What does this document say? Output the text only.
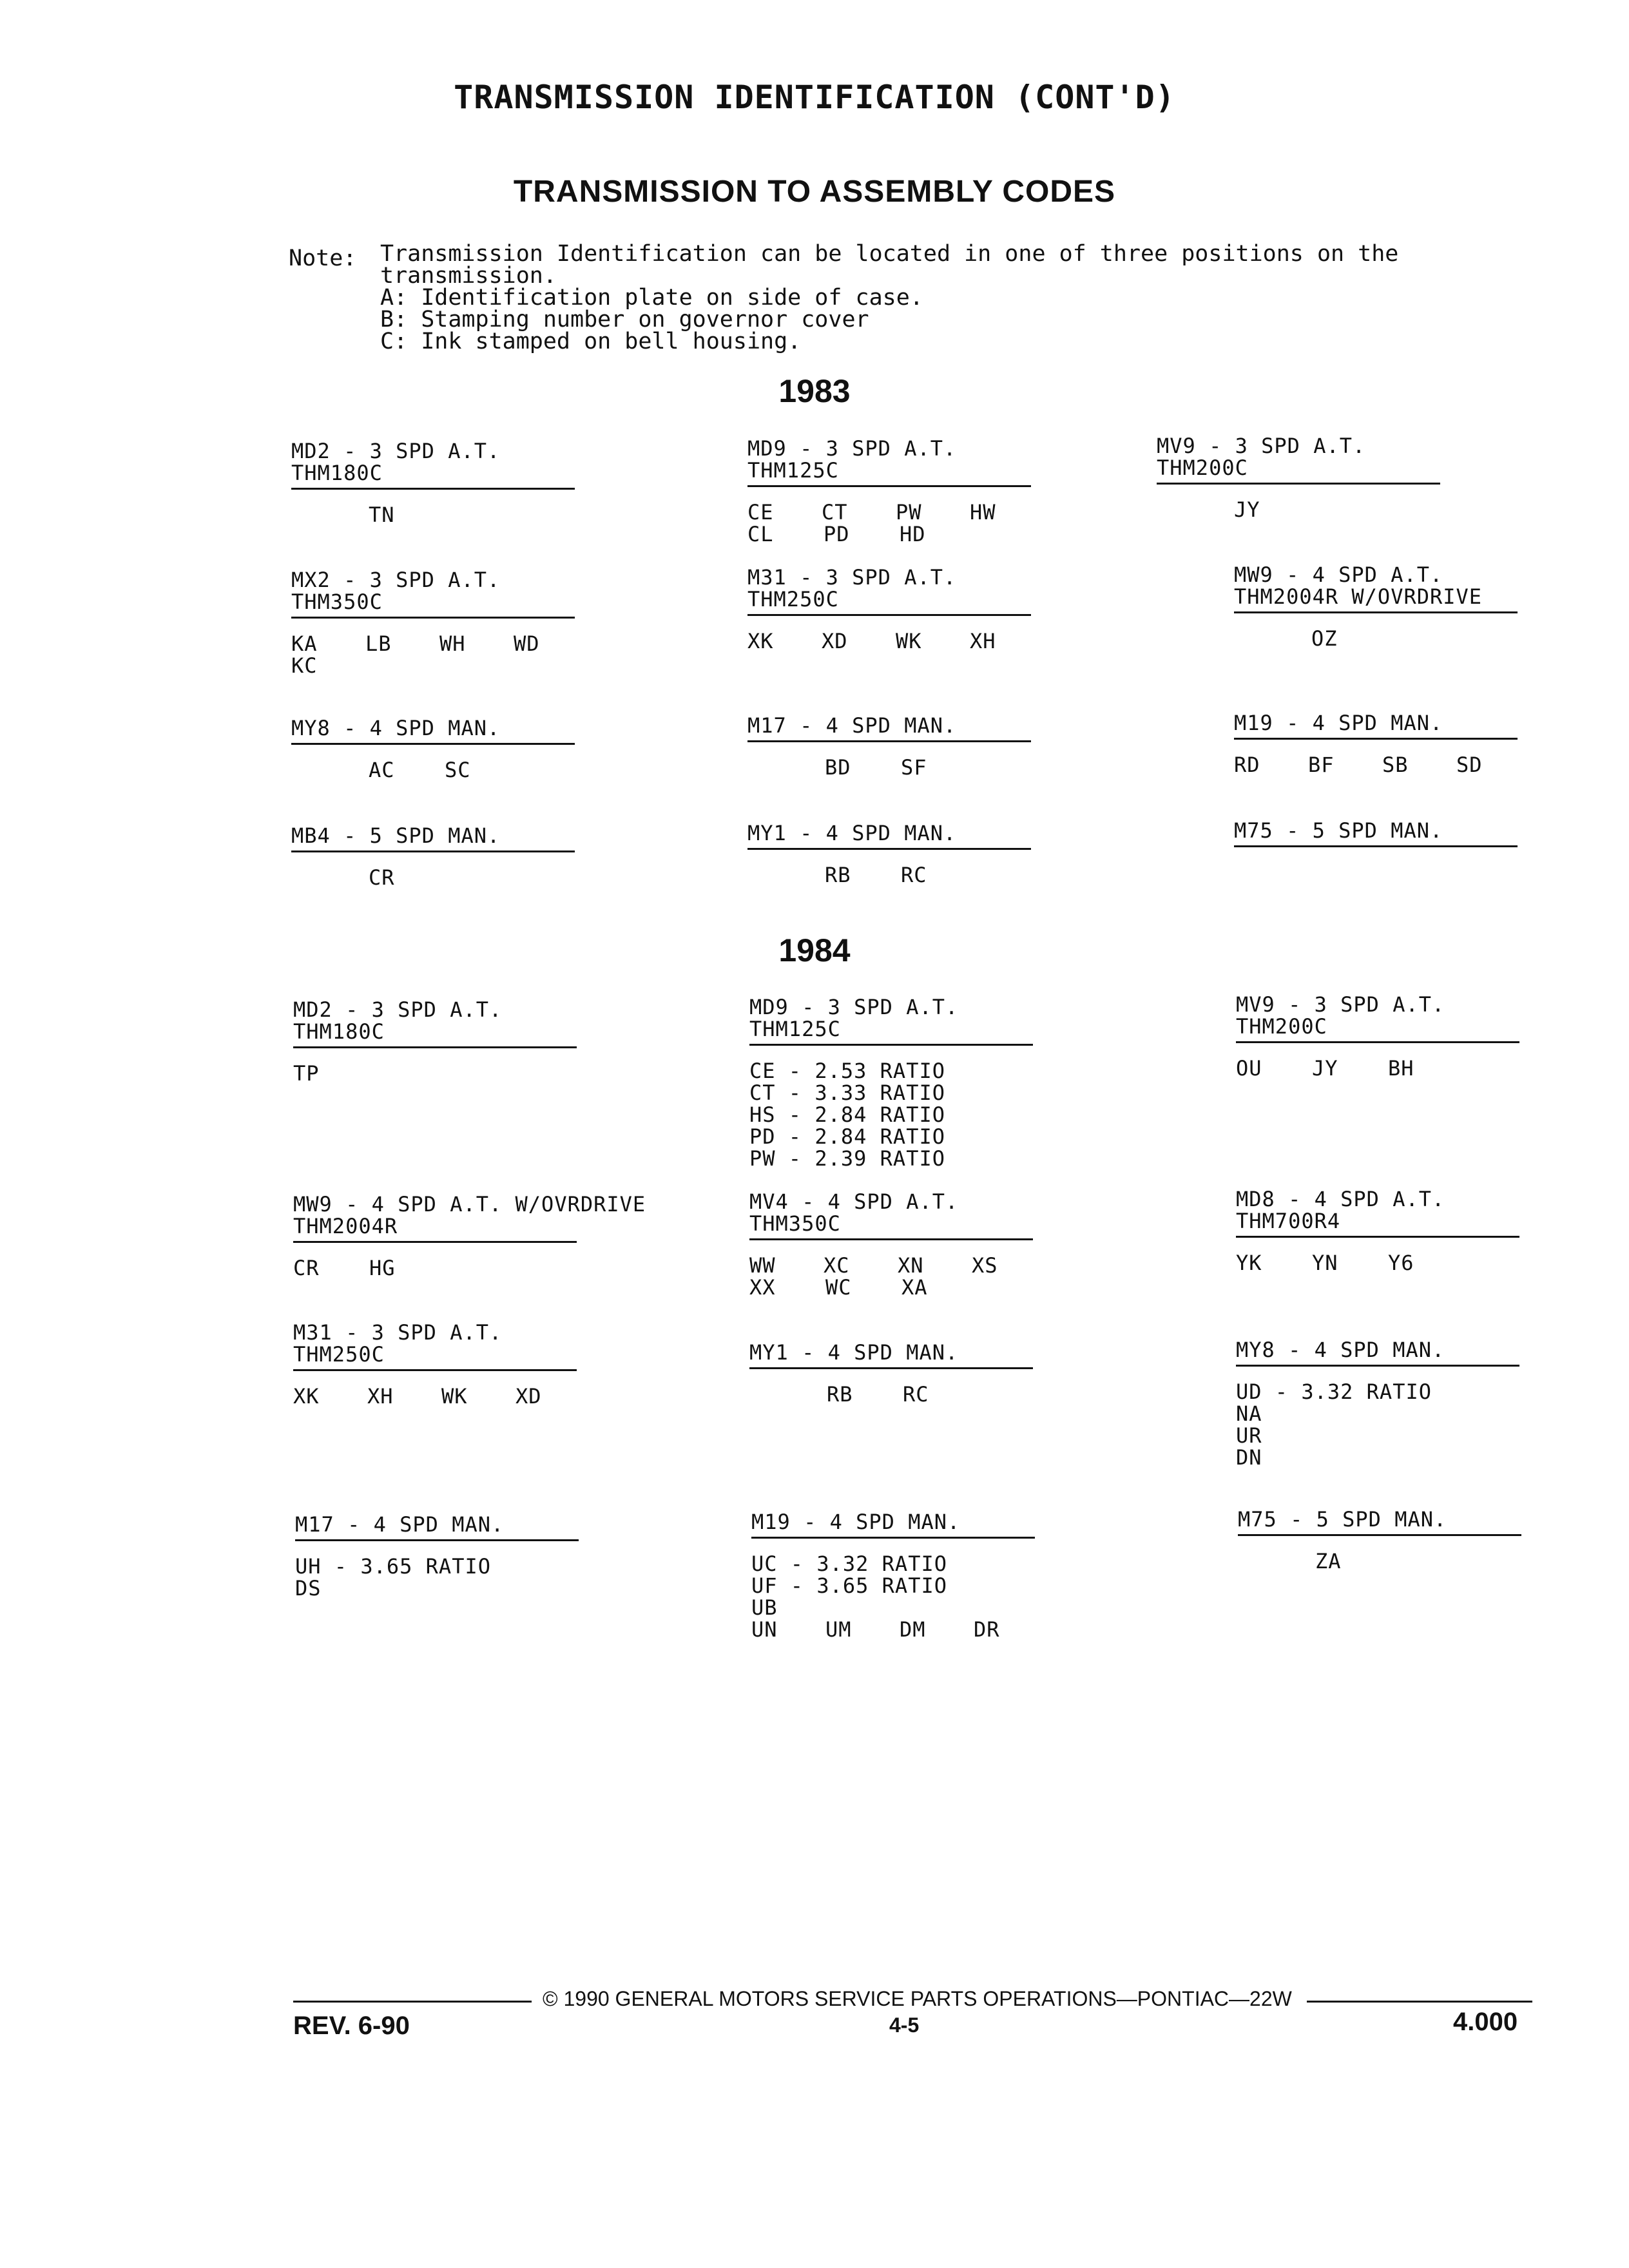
TRANSMISSION IDENTIFICATION (CONT'D)
TRANSMISSION TO ASSEMBLY CODES
Note: Transmission Identification can be located in one of three positions on the
transmission.
A: Identification plate on side of case.
B: Stamping number on governor cover
C: Ink stamped on bell housing.
1983
MD2 - 3 SPD A.T.
THM180C
TN
MD9 - 3 SPD A.T.
THM125C
CE	CT	PW	HW
CL	PD	HD
MV9 - 3 SPD A.T.
THM200C
JY
MX2 - 3 SPD A.T.
THM350C
KA	LB	WH	WD
KC
M31 - 3 SPD A.T.
THM250C
XK	XD	WK	XH
MW9 - 4 SPD A.T.
THM2004R W/OVRDRIVE
OZ
MY8 - 4 SPD MAN.
AC	SC
M17 - 4 SPD MAN.
BD	SF
M19 - 4 SPD MAN.
RD	BF	SB	SD
MB4 - 5 SPD MAN.
CR
MY1 - 4 SPD MAN.
RB	RC
M75 - 5 SPD MAN.
1984
MD2 - 3 SPD A.T.
THM180C
TP
MD9 - 3 SPD A.T.
THM125C
CE - 2.53 RATIO
CT - 3.33 RATIO
HS - 2.84 RATIO
PD - 2.84 RATIO
PW - 2.39 RATIO
MV9 - 3 SPD A.T.
THM200C
OU	JY	BH
MW9 - 4 SPD A.T. W/OVRDRIVE
THM2004R
CR	HG
MV4 - 4 SPD A.T.
THM350C
WW	XC	XN	XS
XX	WC	XA
MD8 - 4 SPD A.T.
THM700R4
YK	YN	Y6
M31 - 3 SPD A.T.
THM250C
XK	XH	WK	XD
MY1 - 4 SPD MAN.
RB	RC
MY8 - 4 SPD MAN.
UD - 3.32 RATIO
NA
UR
DN
M17 - 4 SPD MAN.
UH - 3.65 RATIO
DS
M19 - 4 SPD MAN.
UC - 3.32 RATIO
UF - 3.65 RATIO
UB
UN	UM	DM	DR
M75 - 5 SPD MAN.
ZA
© 1990 GENERAL MOTORS SERVICE PARTS OPERATIONS—PONTIAC—22W
REV. 6-90	4-5	4.000
